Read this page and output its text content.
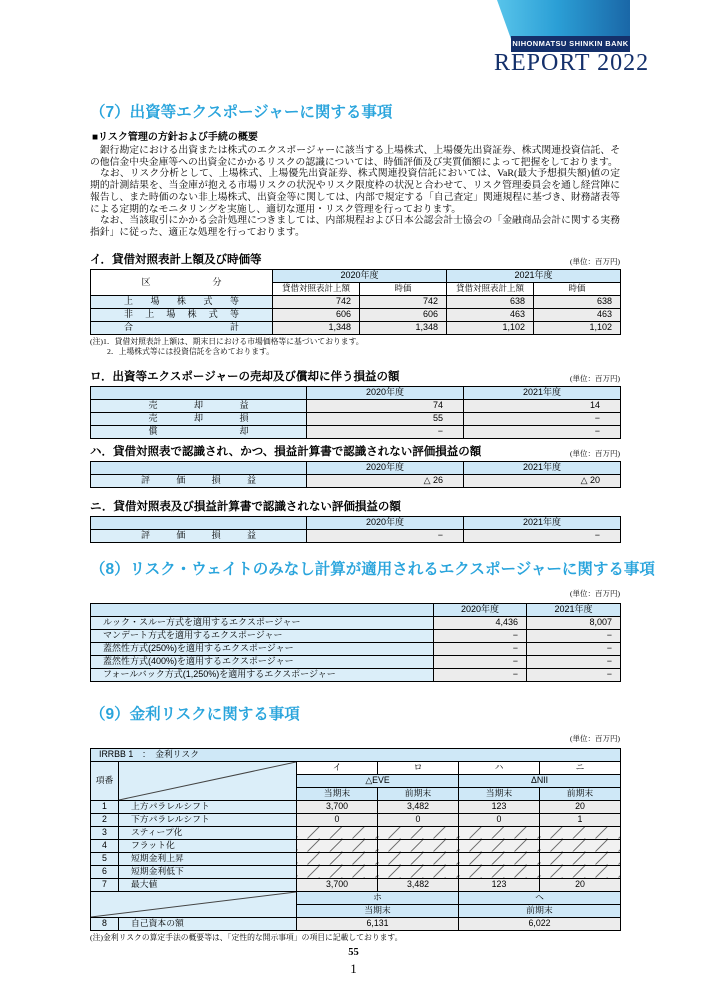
NIHONMATSU SHINKIN BANK
REPORT 2022
（7）出資等エクスポージャーに関する事項
■リスク管理の方針および手続の概要

　銀行勘定における出資または株式のエクスポージャーに該当する上場株式、上場優先出資証券、株式関連投資信託、その他信金中央金庫等への出資金にかかるリスクの認識については、時価評価及び実質価額によって把握をしております。

　なお、リスク分析として、上場株式、上場優先出資証券、株式関連投資信託においては、VaR(最大予想損失額)値の定期的計測結果を、当金庫が抱える市場リスクの状況やリスク限度枠の状況と合わせて、リスク管理委員会を通し経営陣に報告し、また時価のない非上場株式、出資金等に関しては、内部で規定する「自己査定」関連規程に基づき、財務諸表等による定期的なモニタリングを実施し、適切な運用・リスク管理を行っております。

　なお、当該取引にかかる会計処理につきましては、内部規程および日本公認会計士協会の「金融商品会計に関する実務指針」に従った、適正な処理を行っております。

イ．貸借対照表計上額及び時価等	(単位：百万円)
区分	2020年度		2021年度	
	貸借対照表計上額	時価	貸借対照表計上額	時価
上場株式等	742	742	638	638
非上場株式等	606	606	463	463
合計	1,348	1,348	1,102	1,102
(注)1．貸借対照表計上額は、期末日における市場価格等に基づいております。
2．上場株式等には投資信託を含めております。
ロ．出資等エクスポージャーの売却及び償却に伴う損益の額	(単位：百万円)
	2020年度	2021年度
売却益	74	14
売却損	55	−
償却	−	−
ハ．貸借対照表で認識され、かつ、損益計算書で認識されない評価損益の額	(単位：百万円)
	2020年度	2021年度
評価損益	△ 26	△ 20
ニ．貸借対照表及び損益計算書で認識されない評価損益の額
	2020年度	2021年度
評価損益	−	−
（8）リスク・ウェイトのみなし計算が適用されるエクスポージャーに関する事項
(単位：百万円)
	2020年度	2021年度
ルック・スルー方式を適用するエクスポージャー	4,436	8,007
マンデート方式を適用するエクスポージャー	−	−
蓋然性方式(250%)を適用するエクスポージャー	−	−
蓋然性方式(400%)を適用するエクスポージャー	−	−
フォールバック方式(1,250%)を適用するエクスポージャー	−	−
（9）金利リスクに関する事項
(単位：百万円)
IRRBB 1　：　金利リスク					
項番		イ	ロ	ハ	ニ
		△EVE		ΔNII	
		当期末	前期末	当期末	前期末
1	上方パラレルシフト	3,700	3,482	123	20
2	下方パラレルシフト	0	0	0	1
3	スティープ化				
4	フラット化				
5	短期金利上昇				
6	短期金利低下				
7	最大値	3,700	3,482	123	20

	ホ		ヘ	
		当期末		前期末	
8	自己資本の額	6,131		6,022	
(注)金利リスクの算定手法の概要等は、「定性的な開示事項」の項目に記載しております。
55
1
